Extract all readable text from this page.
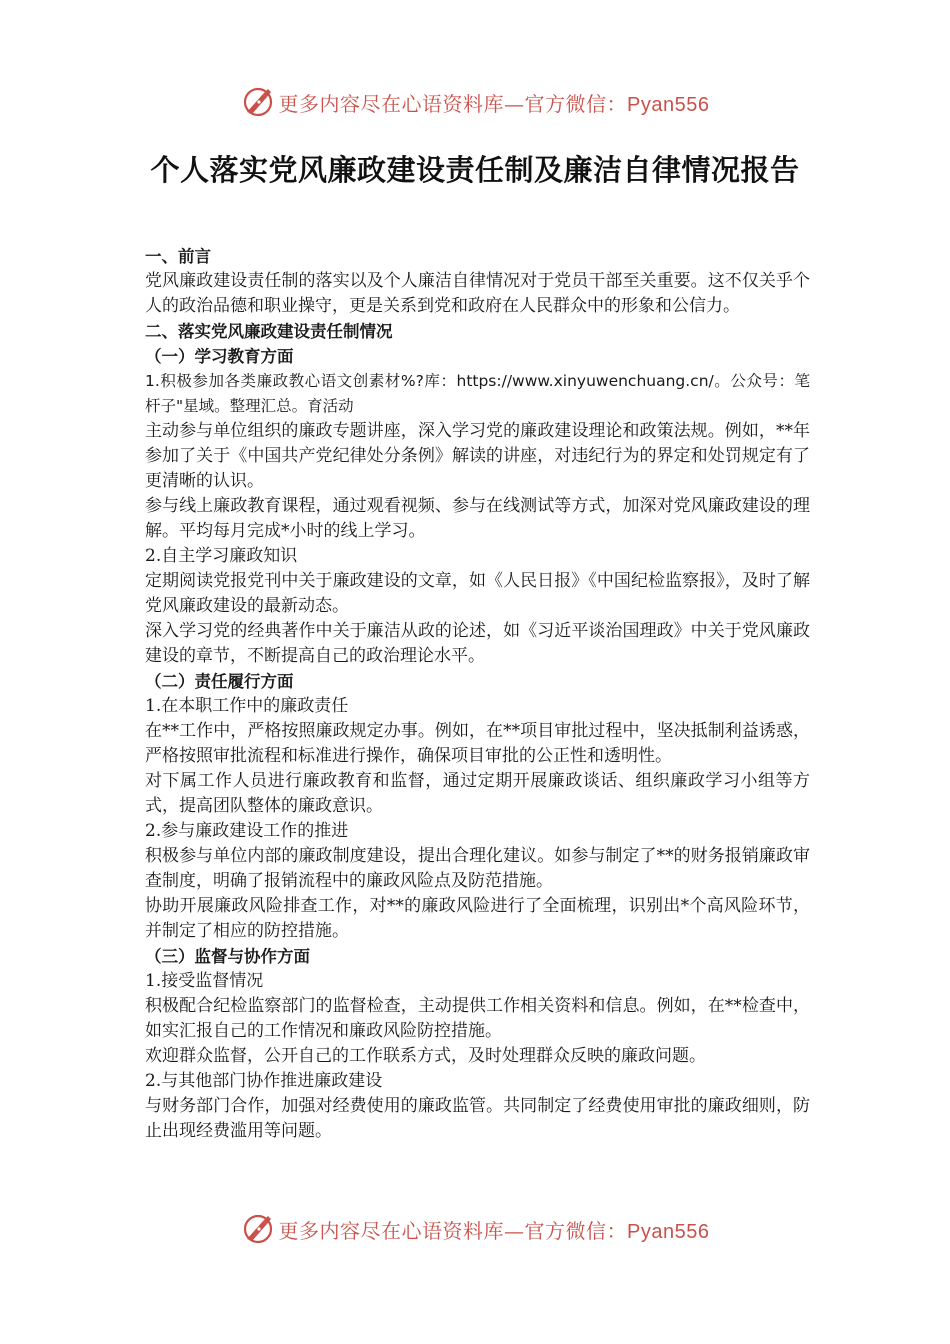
更多内容尽在心语资料库—官方微信：Pyan556
个人落实党风廉政建设责任制及廉洁自律情况报告

一、前言

党风廉政建设责任制的落实以及个人廉洁自律情况对于党员干部至关重要。这不仅关乎个人的政治品德和职业操守，更是关系到党和政府在人民群众中的形象和公信力。

二、落实党风廉政建设责任制情况

（一）学习教育方面

1.积极参加各类廉政教心语文创素材%?库：https://www.xinyuwenchuang.cn/。公众号：笔杆子"星域。整理汇总。育活动

主动参与单位组织的廉政专题讲座，深入学习党的廉政建设理论和政策法规。例如，**年参加了关于《中国共产党纪律处分条例》解读的讲座，对违纪行为的界定和处罚规定有了更清晰的认识。

参与线上廉政教育课程，通过观看视频、参与在线测试等方式，加深对党风廉政建设的理解。平均每月完成*小时的线上学习。

2.自主学习廉政知识

定期阅读党报党刊中关于廉政建设的文章，如《人民日报》《中国纪检监察报》，及时了解党风廉政建设的最新动态。

深入学习党的经典著作中关于廉洁从政的论述，如《习近平谈治国理政》中关于党风廉政建设的章节，不断提高自己的政治理论水平。

（二）责任履行方面

1.在本职工作中的廉政责任

在**工作中，严格按照廉政规定办事。例如，在**项目审批过程中，坚决抵制利益诱惑，严格按照审批流程和标准进行操作，确保项目审批的公正性和透明性。

对下属工作人员进行廉政教育和监督，通过定期开展廉政谈话、组织廉政学习小组等方式，提高团队整体的廉政意识。

2.参与廉政建设工作的推进

积极参与单位内部的廉政制度建设，提出合理化建议。如参与制定了**的财务报销廉政审查制度，明确了报销流程中的廉政风险点及防范措施。

协助开展廉政风险排查工作，对**的廉政风险进行了全面梳理，识别出*个高风险环节，并制定了相应的防控措施。

（三）监督与协作方面

1.接受监督情况

积极配合纪检监察部门的监督检查，主动提供工作相关资料和信息。例如，在**检查中，如实汇报自己的工作情况和廉政风险防控措施。

欢迎群众监督，公开自己的工作联系方式，及时处理群众反映的廉政问题。

2.与其他部门协作推进廉政建设

与财务部门合作，加强对经费使用的廉政监管。共同制定了经费使用审批的廉政细则，防止出现经费滥用等问题。

更多内容尽在心语资料库—官方微信：Pyan556
